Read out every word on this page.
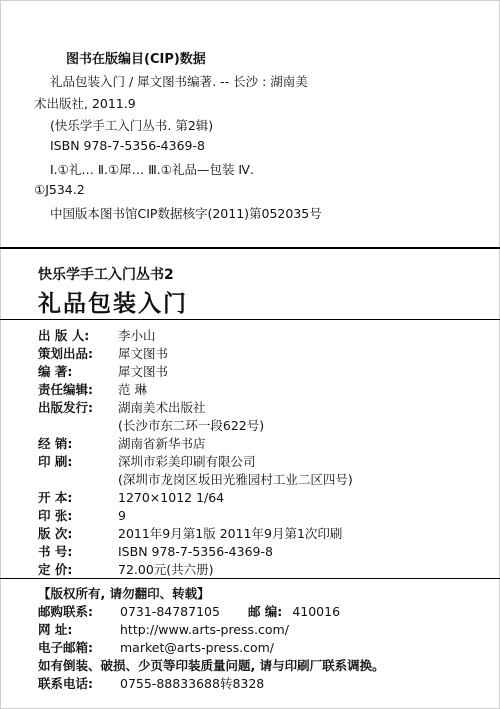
图书在版编目(CIP)数据
礼品包装入门 / 犀文图书编著. -- 长沙 : 湖南美
术出版社, 2011.9
(快乐学手工入门丛书. 第2辑)
ISBN 978-7-5356-4369-8
Ⅰ.①礼… Ⅱ.①犀… Ⅲ.①礼品—包装 Ⅳ.
①J534.2
中国版本图书馆CIP数据核字(2011)第052035号
快乐学手工入门丛书2
礼品包装入门
出 版 人: 李小山
策划出品: 犀文图书
编 著:	犀文图书
责任编辑: 范 琳
出版发行: 湖南美术出版社
(长沙市东二环一段622号)
经 销:	湖南省新华书店
印 刷:	深圳市彩美印刷有限公司
(深圳市龙岗区坂田光雅园村工业二区四号)
开 本:	1270×1012 1/64
印 张:	9
版 次:	2011年9月第1版 2011年9月第1次印刷
书 号:	ISBN 978-7-5356-4369-8
定 价:	72.00元(共六册)
【版权所有, 请勿翻印、转载】
邮购联系: 0731-84787105 邮 编: 410016
网 址:	http://www.arts-press.com/
电子邮箱: market@arts-press.com/
如有倒装、破损、少页等印装质量问题, 请与印刷厂联系调换。
联系电话: 0755-88833688转8328
